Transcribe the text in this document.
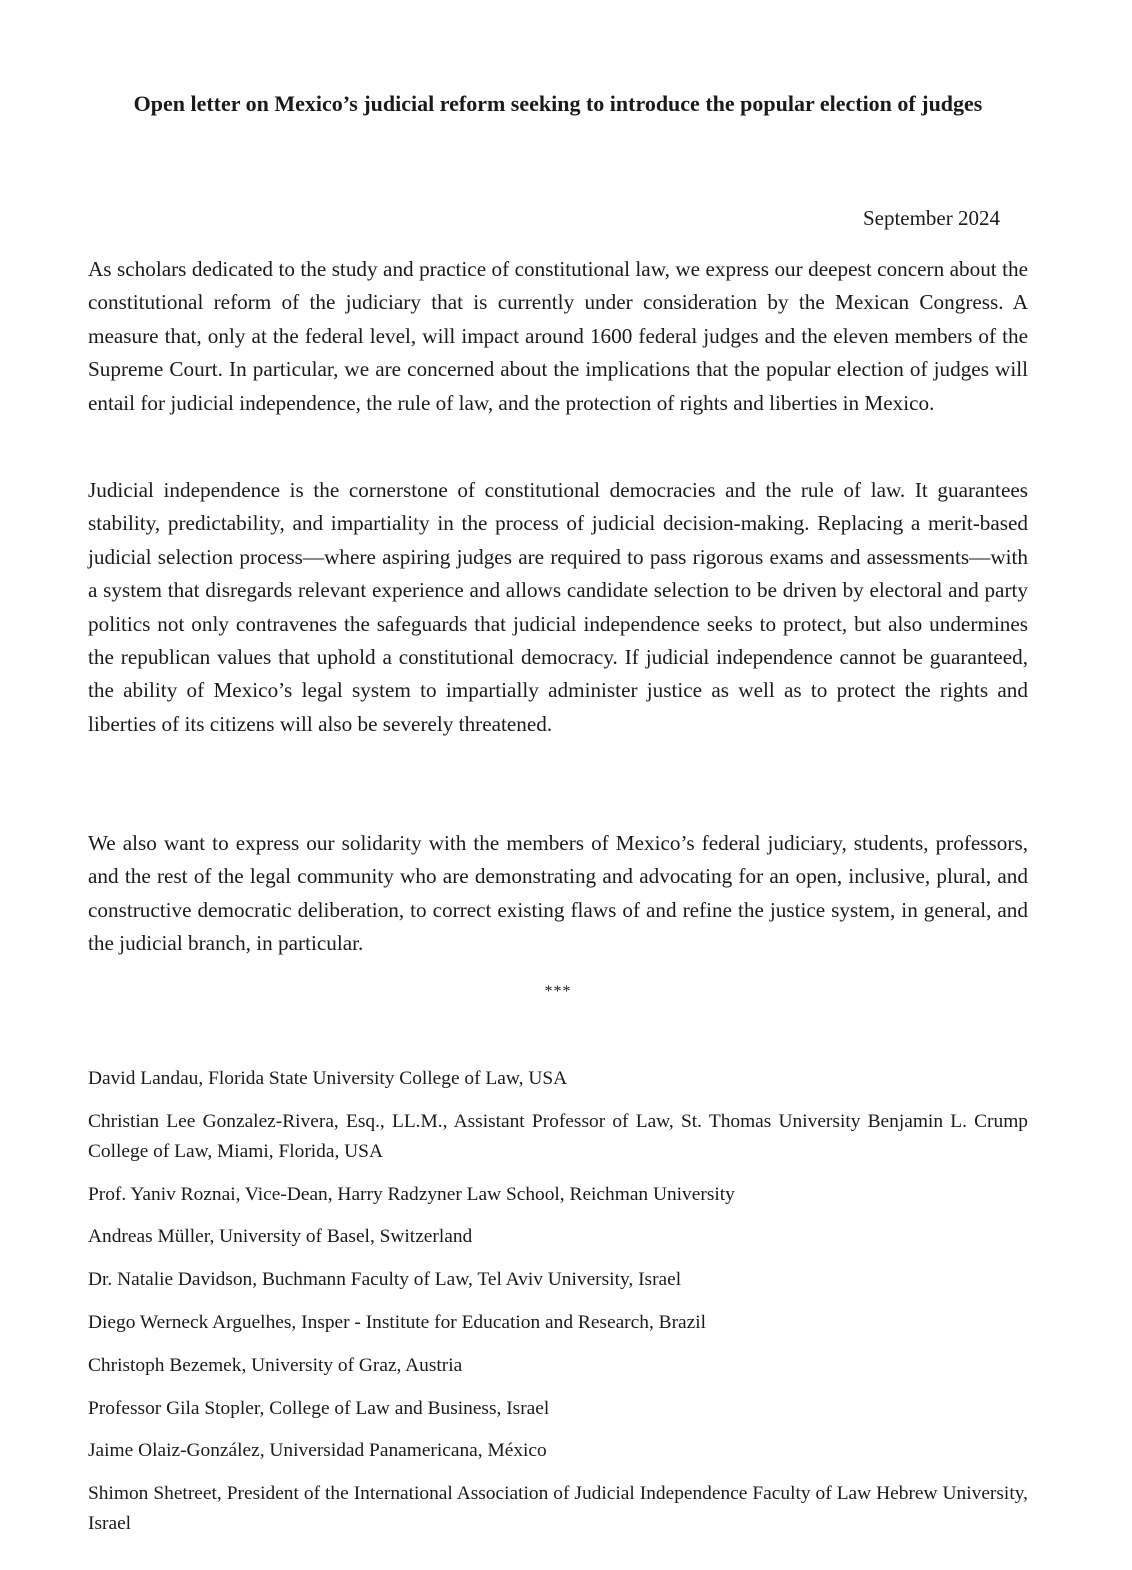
Open letter on Mexico’s judicial reform seeking to introduce the popular election of judges

September 2024

As scholars dedicated to the study and practice of constitutional law, we express our deepest concern about the constitutional reform of the judiciary that is currently under consideration by the Mexican Congress. A measure that, only at the federal level, will impact around 1600 federal judges and the eleven members of the Supreme Court. In particular, we are concerned about the implications that the popular election of judges will entail for judicial independence, the rule of law, and the protection of rights and liberties in Mexico.

Judicial independence is the cornerstone of constitutional democracies and the rule of law. It guarantees stability, predictability, and impartiality in the process of judicial decision-making. Replacing a merit-based judicial selection process—where aspiring judges are required to pass rigorous exams and assessments—with a system that disregards relevant experience and allows candidate selection to be driven by electoral and party politics not only contravenes the safeguards that judicial independence seeks to protect, but also undermines the republican values that uphold a constitutional democracy. If judicial independence cannot be guaranteed, the ability of Mexico’s legal system to impartially administer justice as well as to protect the rights and liberties of its citizens will also be severely threatened.

We also want to express our solidarity with the members of Mexico’s federal judiciary, students, professors, and the rest of the legal community who are demonstrating and advocating for an open, inclusive, plural, and constructive democratic deliberation, to correct existing flaws of and refine the justice system, in general, and the judicial branch, in particular.

***

David Landau, Florida State University College of Law, USA
Christian Lee Gonzalez-Rivera, Esq., LL.M., Assistant Professor of Law, St. Thomas University Benjamin L. Crump College of Law, Miami, Florida, USA
Prof. Yaniv Roznai, Vice-Dean, Harry Radzyner Law School, Reichman University
Andreas Müller, University of Basel, Switzerland
Dr. Natalie Davidson, Buchmann Faculty of Law, Tel Aviv University, Israel
Diego Werneck Arguelhes, Insper - Institute for Education and Research, Brazil
Christoph Bezemek, University of Graz, Austria
Professor Gila Stopler, College of Law and Business, Israel
Jaime Olaiz-González, Universidad Panamericana, México
Shimon Shetreet, President of the International Association of Judicial Independence Faculty of Law Hebrew University, Israel
